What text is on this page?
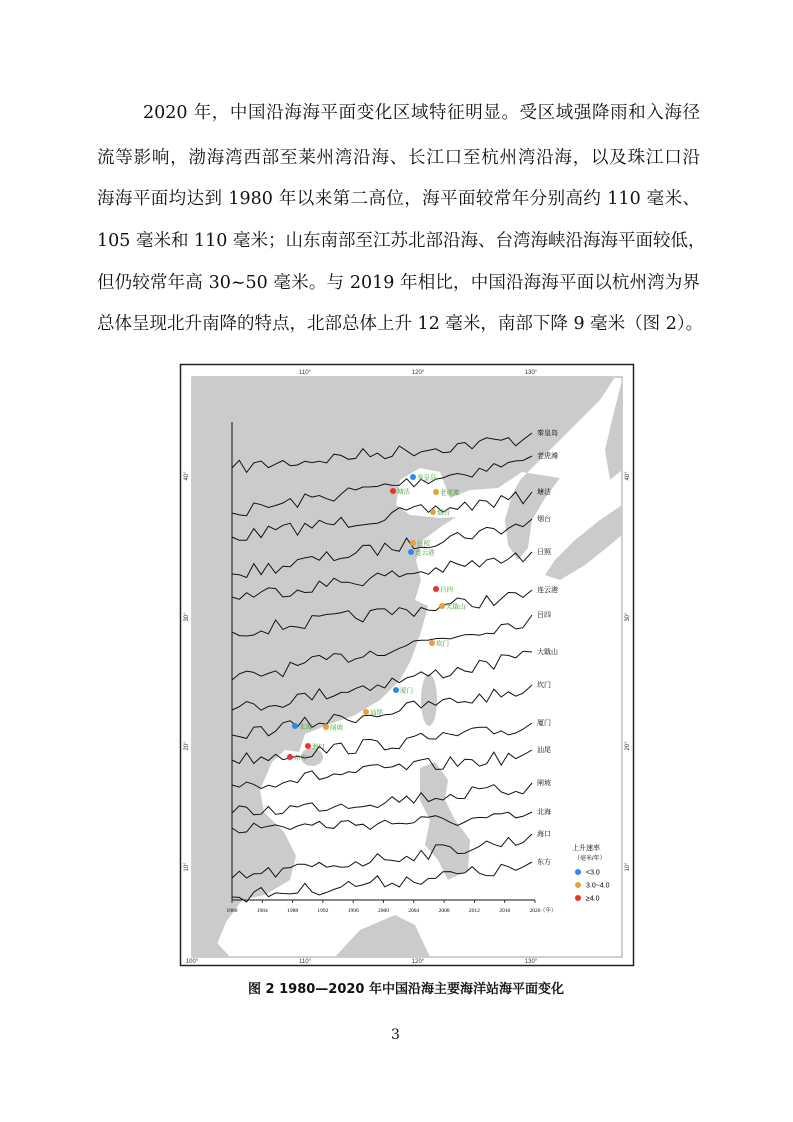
2020 年，中国沿海海平面变化区域特征明显。受区域强降雨和入海径
流等影响，渤海湾西部至莱州湾沿海、长江口至杭州湾沿海，以及珠江口沿
海海平面均达到 1980 年以来第二高位，海平面较常年分别高约 110 毫米、
105 毫米和 110 毫米；山东南部至江苏北部沿海、台湾海峡沿海海平面较低，
但仍较常年高 30~50 毫米。与 2019 年相比，中国沿海海平面以杭州湾为界
总体呈现北升南降的特点，北部总体上升 12 毫米，南部下降 9 毫米（图 2）。
100°
110°
110°
120°
120°
130°
130°
40°	40°
30°	30°
20°	20°
10°	10°
1980	1984	1988	1992	1996	2000	2004	2008	2012	2016	2020 （年）
秦皇岛
老虎滩
塘沽
烟台
日照
连云港
吕四
大戢山
坎门
厦门
汕尾
闸坡
北海
海口
东方
秦皇岛
塘沽	老虎滩
烟台
日照
连云港
吕四
大戢山
坎门
厦门
汕尾
北海	闸坡
海口
东方
上升速率
（毫米/年）
<3.0
3.0~4.0
≥4.0
图 2 1980—2020 年中国沿海主要海洋站海平面变化
3
